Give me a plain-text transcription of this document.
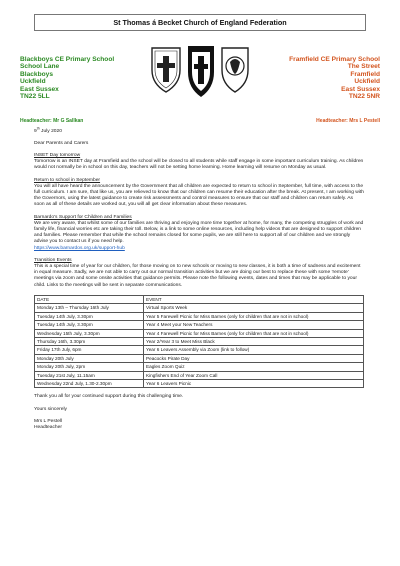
St Thomas á Becket Church of England Federation
Blackboys CE Primary School
School Lane
Blackboys
Uckfield
East Sussex
TN22 5LL
Framfield CE Primary School
The Street
Framfield
Uckfield
East Sussex
TN22 5NR
Headteacher: Mr G Sallkan	Headteacher: Mrs L Pestell

9th July 2020

Dear Parents and Carers

INSET Day tomorrow

Tomorrow is an INSET day at Framfield and the school will be closed to all students while staff engage in some important curriculum training. As children would not normally be in school on this day, teachers will not be setting home learning. Home learning will resume on Monday as usual.

Return to school in September

You will all have heard the announcement by the Government that all children are expected to return to school in September, full time, with access to the full curriculum. I am sure, that like us, you are relieved to know that our children can resume their education after the break. At present, I am working with the Governors, using the latest guidance to create risk assessments and control measures to ensure that our staff and children can return safely. As soon as all of these details are worked out, you will all get clear information about these measures.

Barnardo's Support for Children and Families

We are very aware, that whilst some of our families are thriving and enjoying more time together at home, for many, the competing struggles of work and family life, financial worries etc are taking their toll. Below, is a link to some online resources, including help videos that are designed to support children and families. Please remember that while the school remains closed for some pupils, we are still here to support all of our children and we strongly advise you to contact us if you need help.

https://www.barnardos.org.uk/support-hub

Transition Events

This is a special time of year for our children, for those moving on to new schools or moving to new classes, it is both a time of sadness and excitement in equal measure. Sadly, we are not able to carry out our normal transition activities but we are doing our best to replace these with some 'remote' meetings via zoom and some onsite activities that guidance permits. Please note the following events, dates and times that may be applicable to your child. Links to the meetings will be sent in separate communications.

DATE	EVENT
Monday 13th – Thursday 16th July	Virtual Sports Week
Tuesday 14th July, 3.30pm	Year 5 Farewell Picnic for Miss Barnes (only for children that are not in school)
Tuesday 14th July, 3.30pm	Year 4 Meet your New Teachers
Wednesday 15th July, 3.30pm	Year 4 Farewell Picnic for Miss Barnes (only for children that are not in school)
Thursday 16th, 3.30pm	Year 2/Year 3 to Meet Miss Black
Friday 17th July, 6pm	Year 6 Leavers Assembly via Zoom (link to follow)
Monday 20th July	Peacocks Pirate Day
Monday 20th July, 2pm	Eagles Zoom Quiz
Tuesday 21st July, 11.15am	Kingfishers End of Year Zoom Call
Wednesday 22nd July, 1.30-2.30pm	Year 6 Leavers Picnic

Thank you all for your continued support during this challenging time.

Yours sincerely

Mrs L Pestell

Headteacher
